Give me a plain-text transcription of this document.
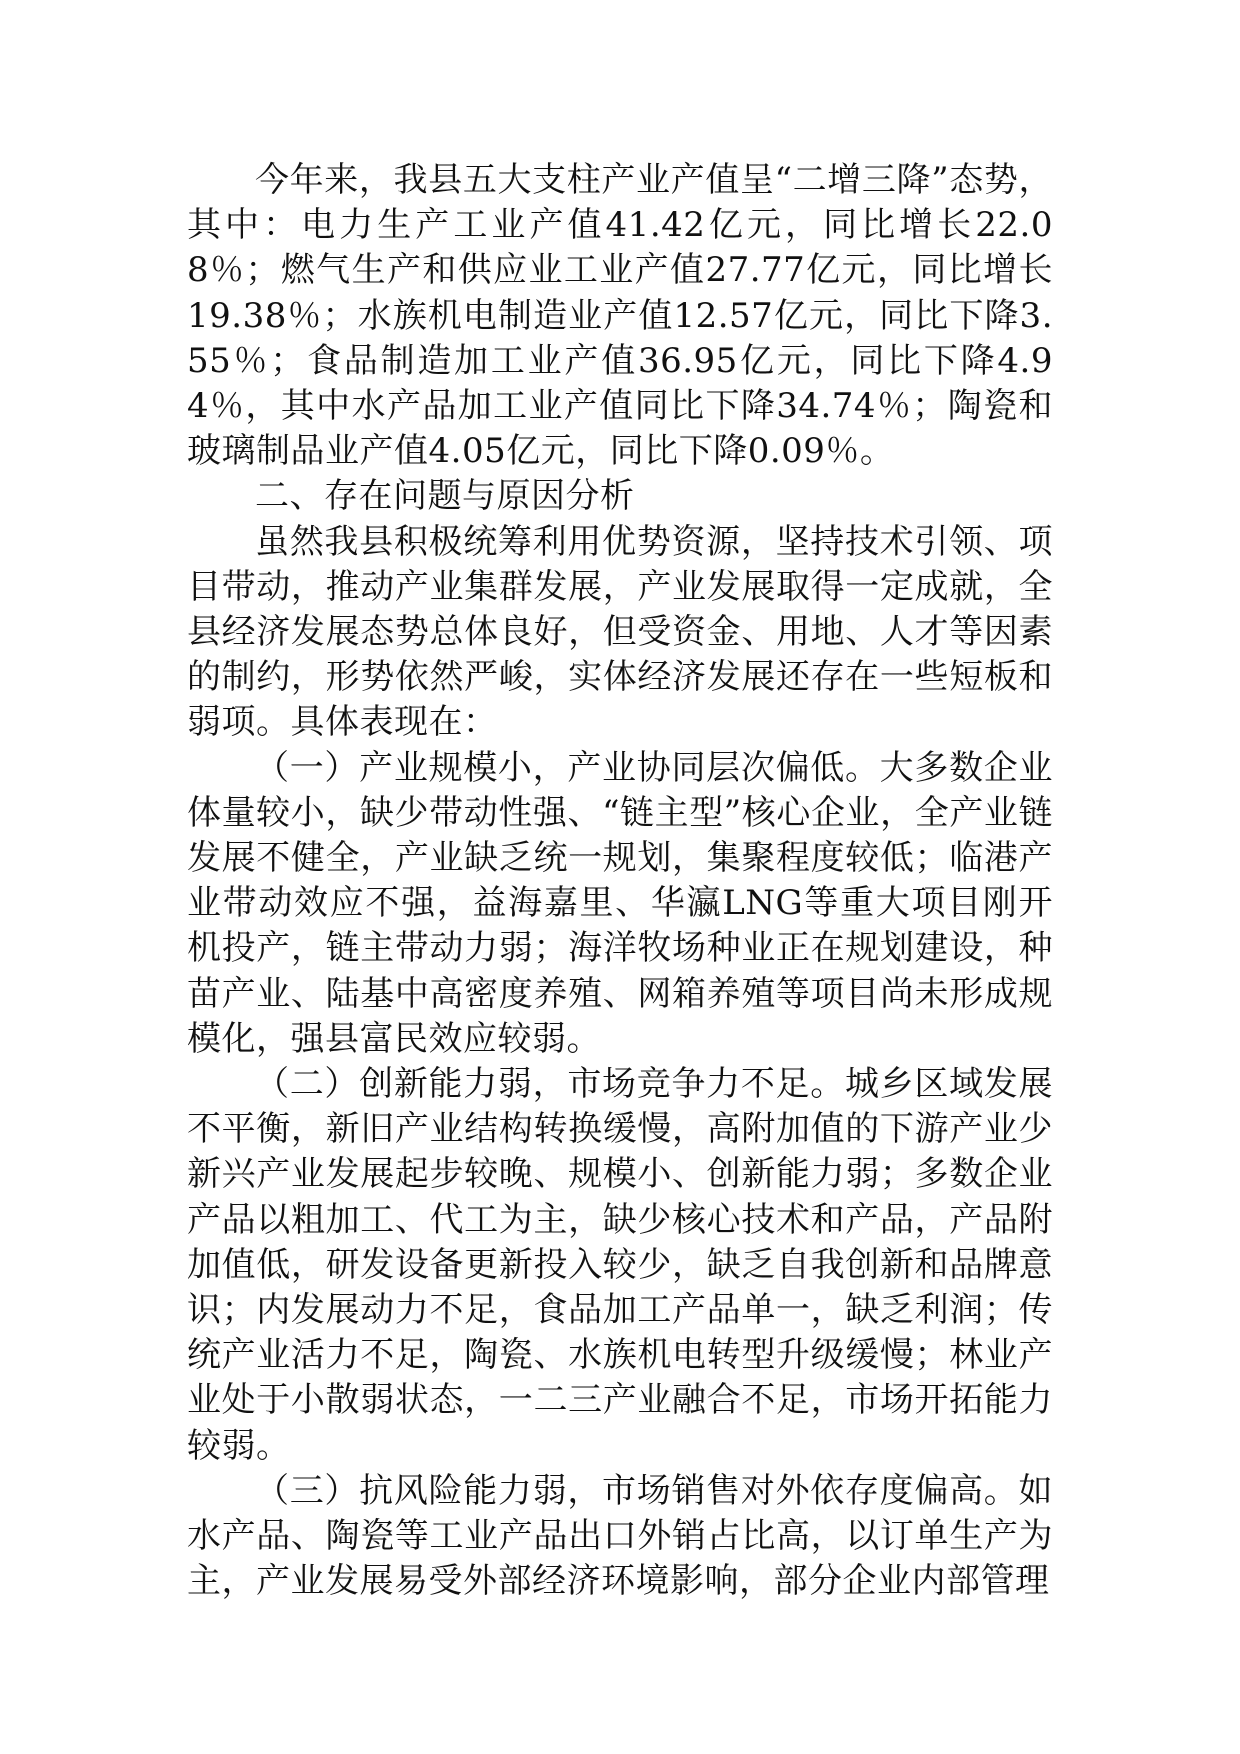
今年来，我县五大支柱产业产值呈“二增三降”态势，其中：电力生产工业产值41.42亿元，同比增长22.08％；燃气生产和供应业工业产值27.77亿元，同比增长19.38％；水族机电制造业产值12.57亿元，同比下降3.55％；食品制造加工业产值36.95亿元，同比下降4.94％，其中水产品加工业产值同比下降34.74％；陶瓷和玻璃制品业产值4.05亿元，同比下降0.09％。

二、存在问题与原因分析

虽然我县积极统筹利用优势资源，坚持技术引领、项目带动，推动产业集群发展，产业发展取得一定成就，全县经济发展态势总体良好，但受资金、用地、人才等因素的制约，形势依然严峻，实体经济发展还存在一些短板和弱项。具体表现在：

（一）产业规模小，产业协同层次偏低。大多数企业体量较小，缺少带动性强、“链主型”核心企业，全产业链发展不健全，产业缺乏统一规划，集聚程度较低；临港产业带动效应不强，益海嘉里、华瀛LNG等重大项目刚开机投产，链主带动力弱；海洋牧场种业正在规划建设，种苗产业、陆基中高密度养殖、网箱养殖等项目尚未形成规模化，强县富民效应较弱。

（二）创新能力弱，市场竞争力不足。城乡区域发展不平衡，新旧产业结构转换缓慢，高附加值的下游产业少新兴产业发展起步较晚、规模小、创新能力弱；多数企业产品以粗加工、代工为主，缺少核心技术和产品，产品附加值低，研发设备更新投入较少，缺乏自我创新和品牌意识；内发展动力不足，食品加工产品单一，缺乏利润；传统产业活力不足，陶瓷、水族机电转型升级缓慢；林业产业处于小散弱状态，一二三产业融合不足，市场开拓能力较弱。

（三）抗风险能力弱，市场销售对外依存度偏高。如水产品、陶瓷等工业产品出口外销占比高，以订单生产为主，产业发展易受外部经济环境影响，部分企业内部管理
